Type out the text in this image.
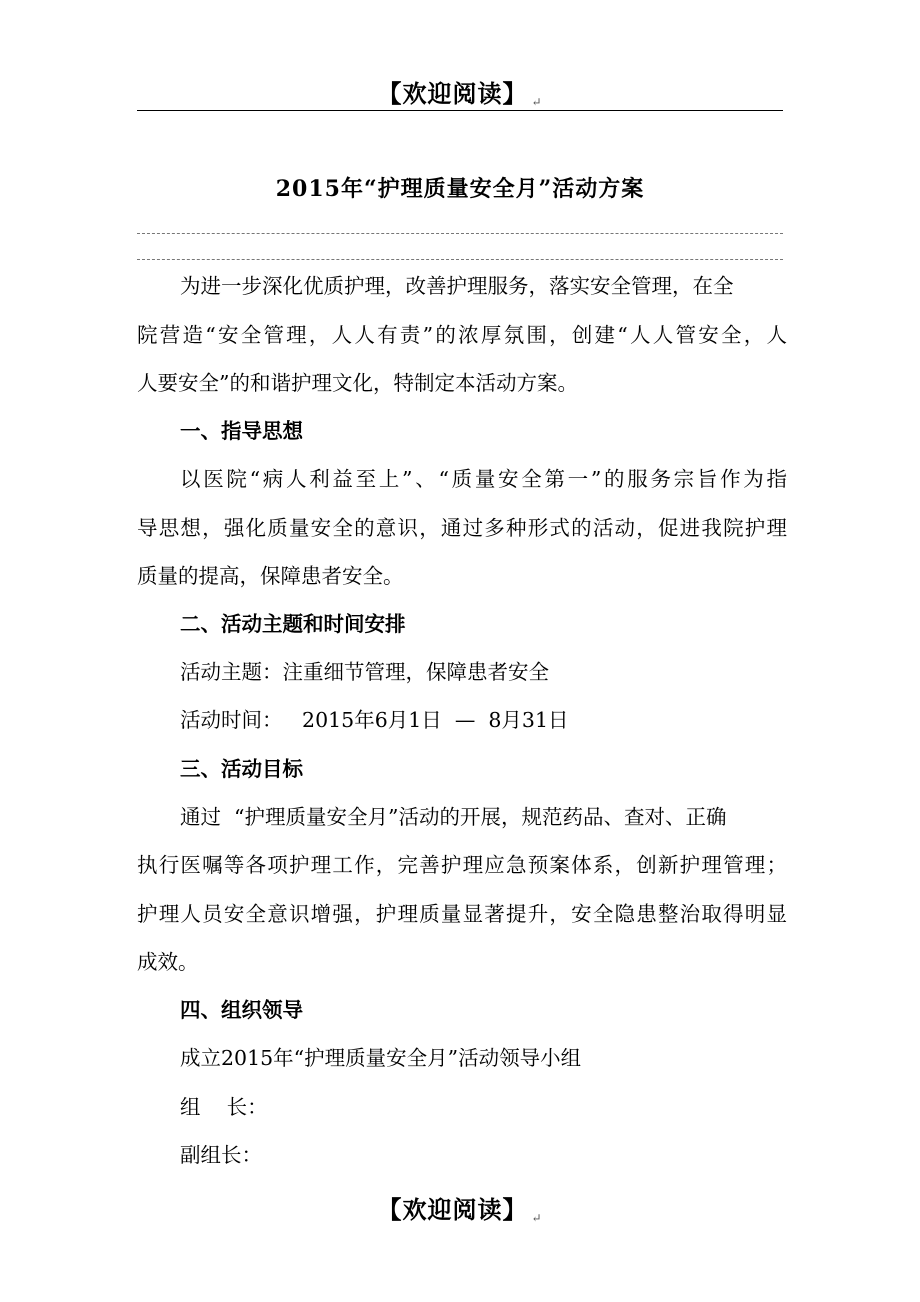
【欢迎阅读】 ↵
2015年“护理质量安全月”活动方案
为进一步深化优质护理，改善护理服务，落实安全管理，在全
院营造“安全管理，人人有责”的浓厚氛围，创建“人人管安全，人
人要安全”的和谐护理文化，特制定本活动方案。
一、指导思想
以医院“病人利益至上”、“质量安全第一”的服务宗旨作为指
导思想，强化质量安全的意识，通过多种形式的活动，促进我院护理
质量的提高，保障患者安全。
二、活动主题和时间安排
活动主题：注重细节管理，保障患者安全
活动时间：   2015年6月1日  —  8月31日
三、活动目标
通过  “护理质量安全月”活动的开展，规范药品、查对、正确
执行医嘱等各项护理工作，完善护理应急预案体系，创新护理管理；
护理人员安全意识增强，护理质量显著提升，安全隐患整治取得明显
成效。
四、组织领导
成立2015年“护理质量安全月”活动领导小组
组    长：
副组长：
【欢迎阅读】 ↵
